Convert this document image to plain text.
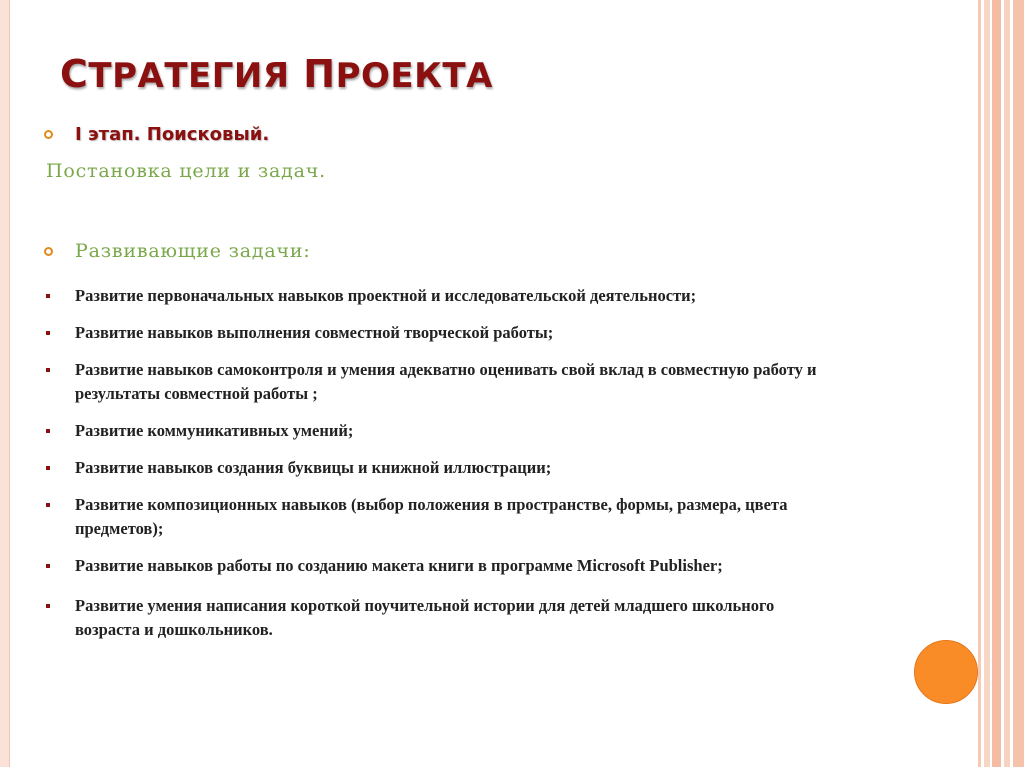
СТРАТЕГИЯ ПРОЕКТА
I этап. Поисковый.
Постановка цели и задач.
Развивающие задачи:
Развитие первоначальных навыков проектной и исследовательской деятельности;
Развитие навыков выполнения совместной творческой работы;
Развитие навыков самоконтроля и умения адекватно оценивать свой вклад в совместную работу и результаты совместной работы ;
Развитие коммуникативных умений;
Развитие навыков создания буквицы и книжной иллюстрации;
Развитие композиционных навыков (выбор положения в пространстве, формы, размера, цвета предметов);
Развитие навыков работы по созданию макета книги в программе Microsoft Publisher;
Развитие умения написания короткой поучительной истории для детей младшего школьного возраста и дошкольников.
